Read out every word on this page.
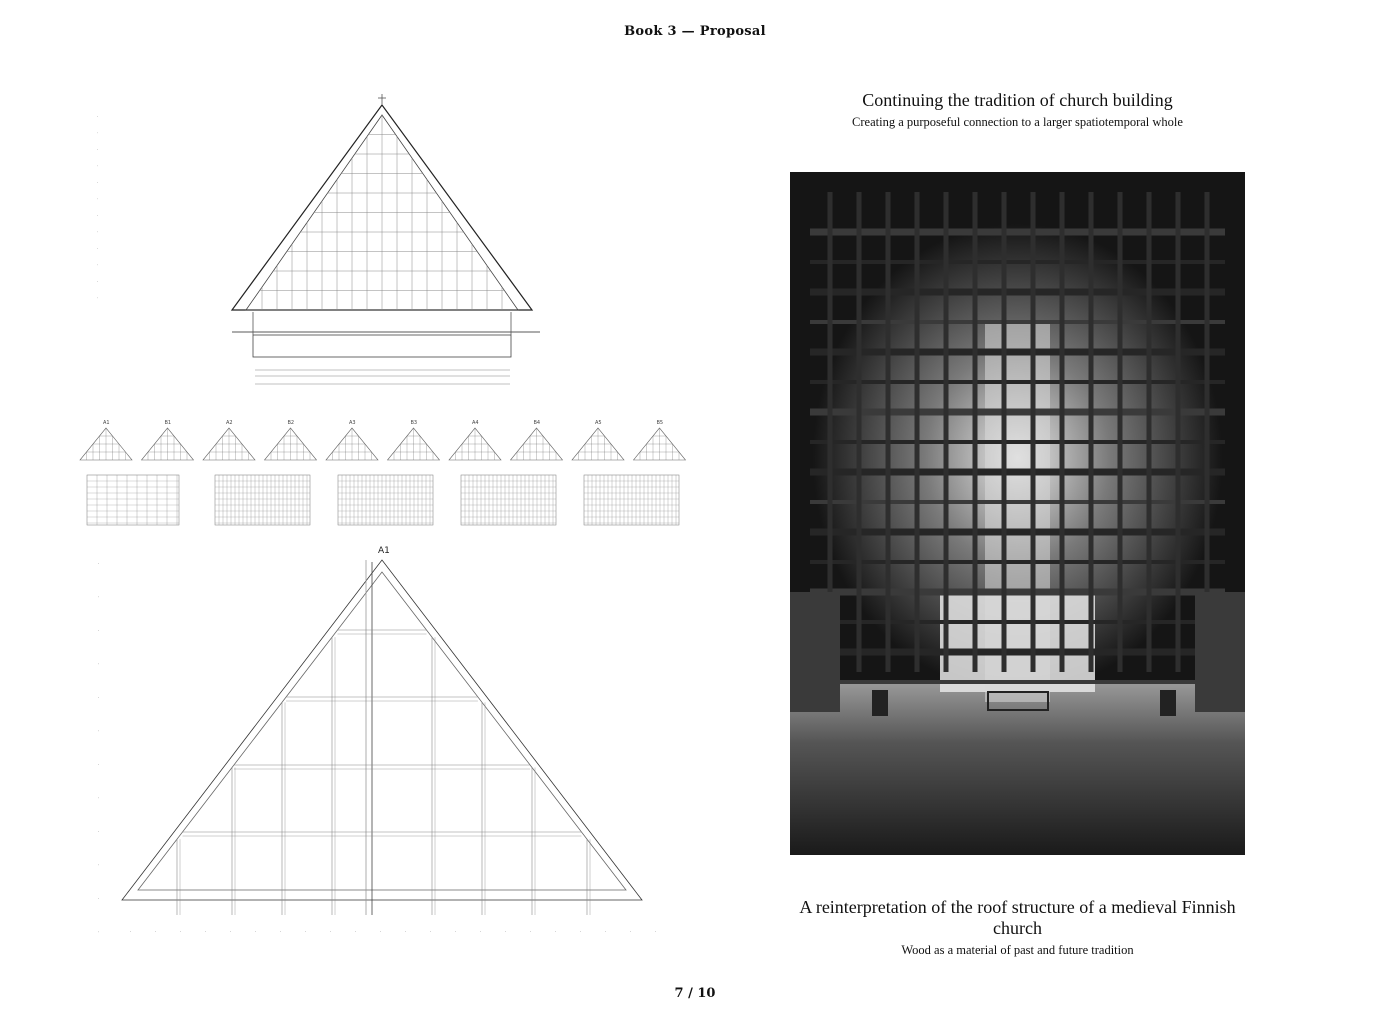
Book 3 — Proposal
·
·
·
·
·
·
·
·
·
·
·
·
A1	B1	A2	B2	A3	B3	A4	B4	A5	B5
·	·	·	·	·	·	·	·	·	·	·	·	·	·	·	·	·	·	·	·	·	·
·
·
·
·
·
·
·
·
·
·
·
·
A1
Continuing the tradition of church building
Creating a purposeful connection to a larger spatiotemporal whole
A reinterpretation of the roof structure of a medieval Finnish church
Wood as a material of past and future tradition
7 / 10
